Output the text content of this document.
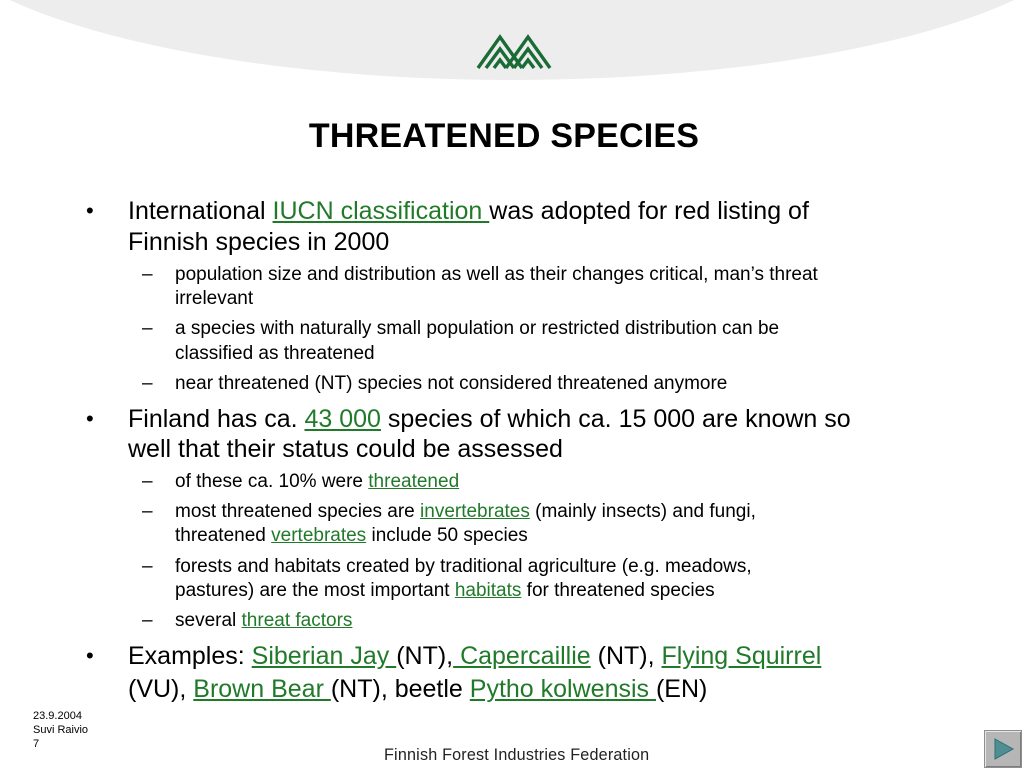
THREATENED SPECIES
• International IUCN classification was adopted for red listing of
Finnish species in 2000
– population size and distribution as well as their changes critical, man’s threat
irrelevant
– a species with naturally small population or restricted distribution can be
classified as threatened
– near threatened (NT) species not considered threatened anymore
• Finland has ca. 43 000 species of which ca. 15 000 are known so
well that their status could be assessed
– of these ca. 10% were threatened
– most threatened species are invertebrates (mainly insects) and fungi,
threatened vertebrates include 50 species
– forests and habitats created by traditional agriculture (e.g. meadows,
pastures) are the most important habitats for threatened species
– several threat factors
• Examples: Siberian Jay (NT), Capercaillie (NT), Flying Squirrel
(VU), Brown Bear (NT), beetle Pytho kolwensis (EN)
23.9.2004
Suvi Raivio
7
Finnish Forest Industries Federation
